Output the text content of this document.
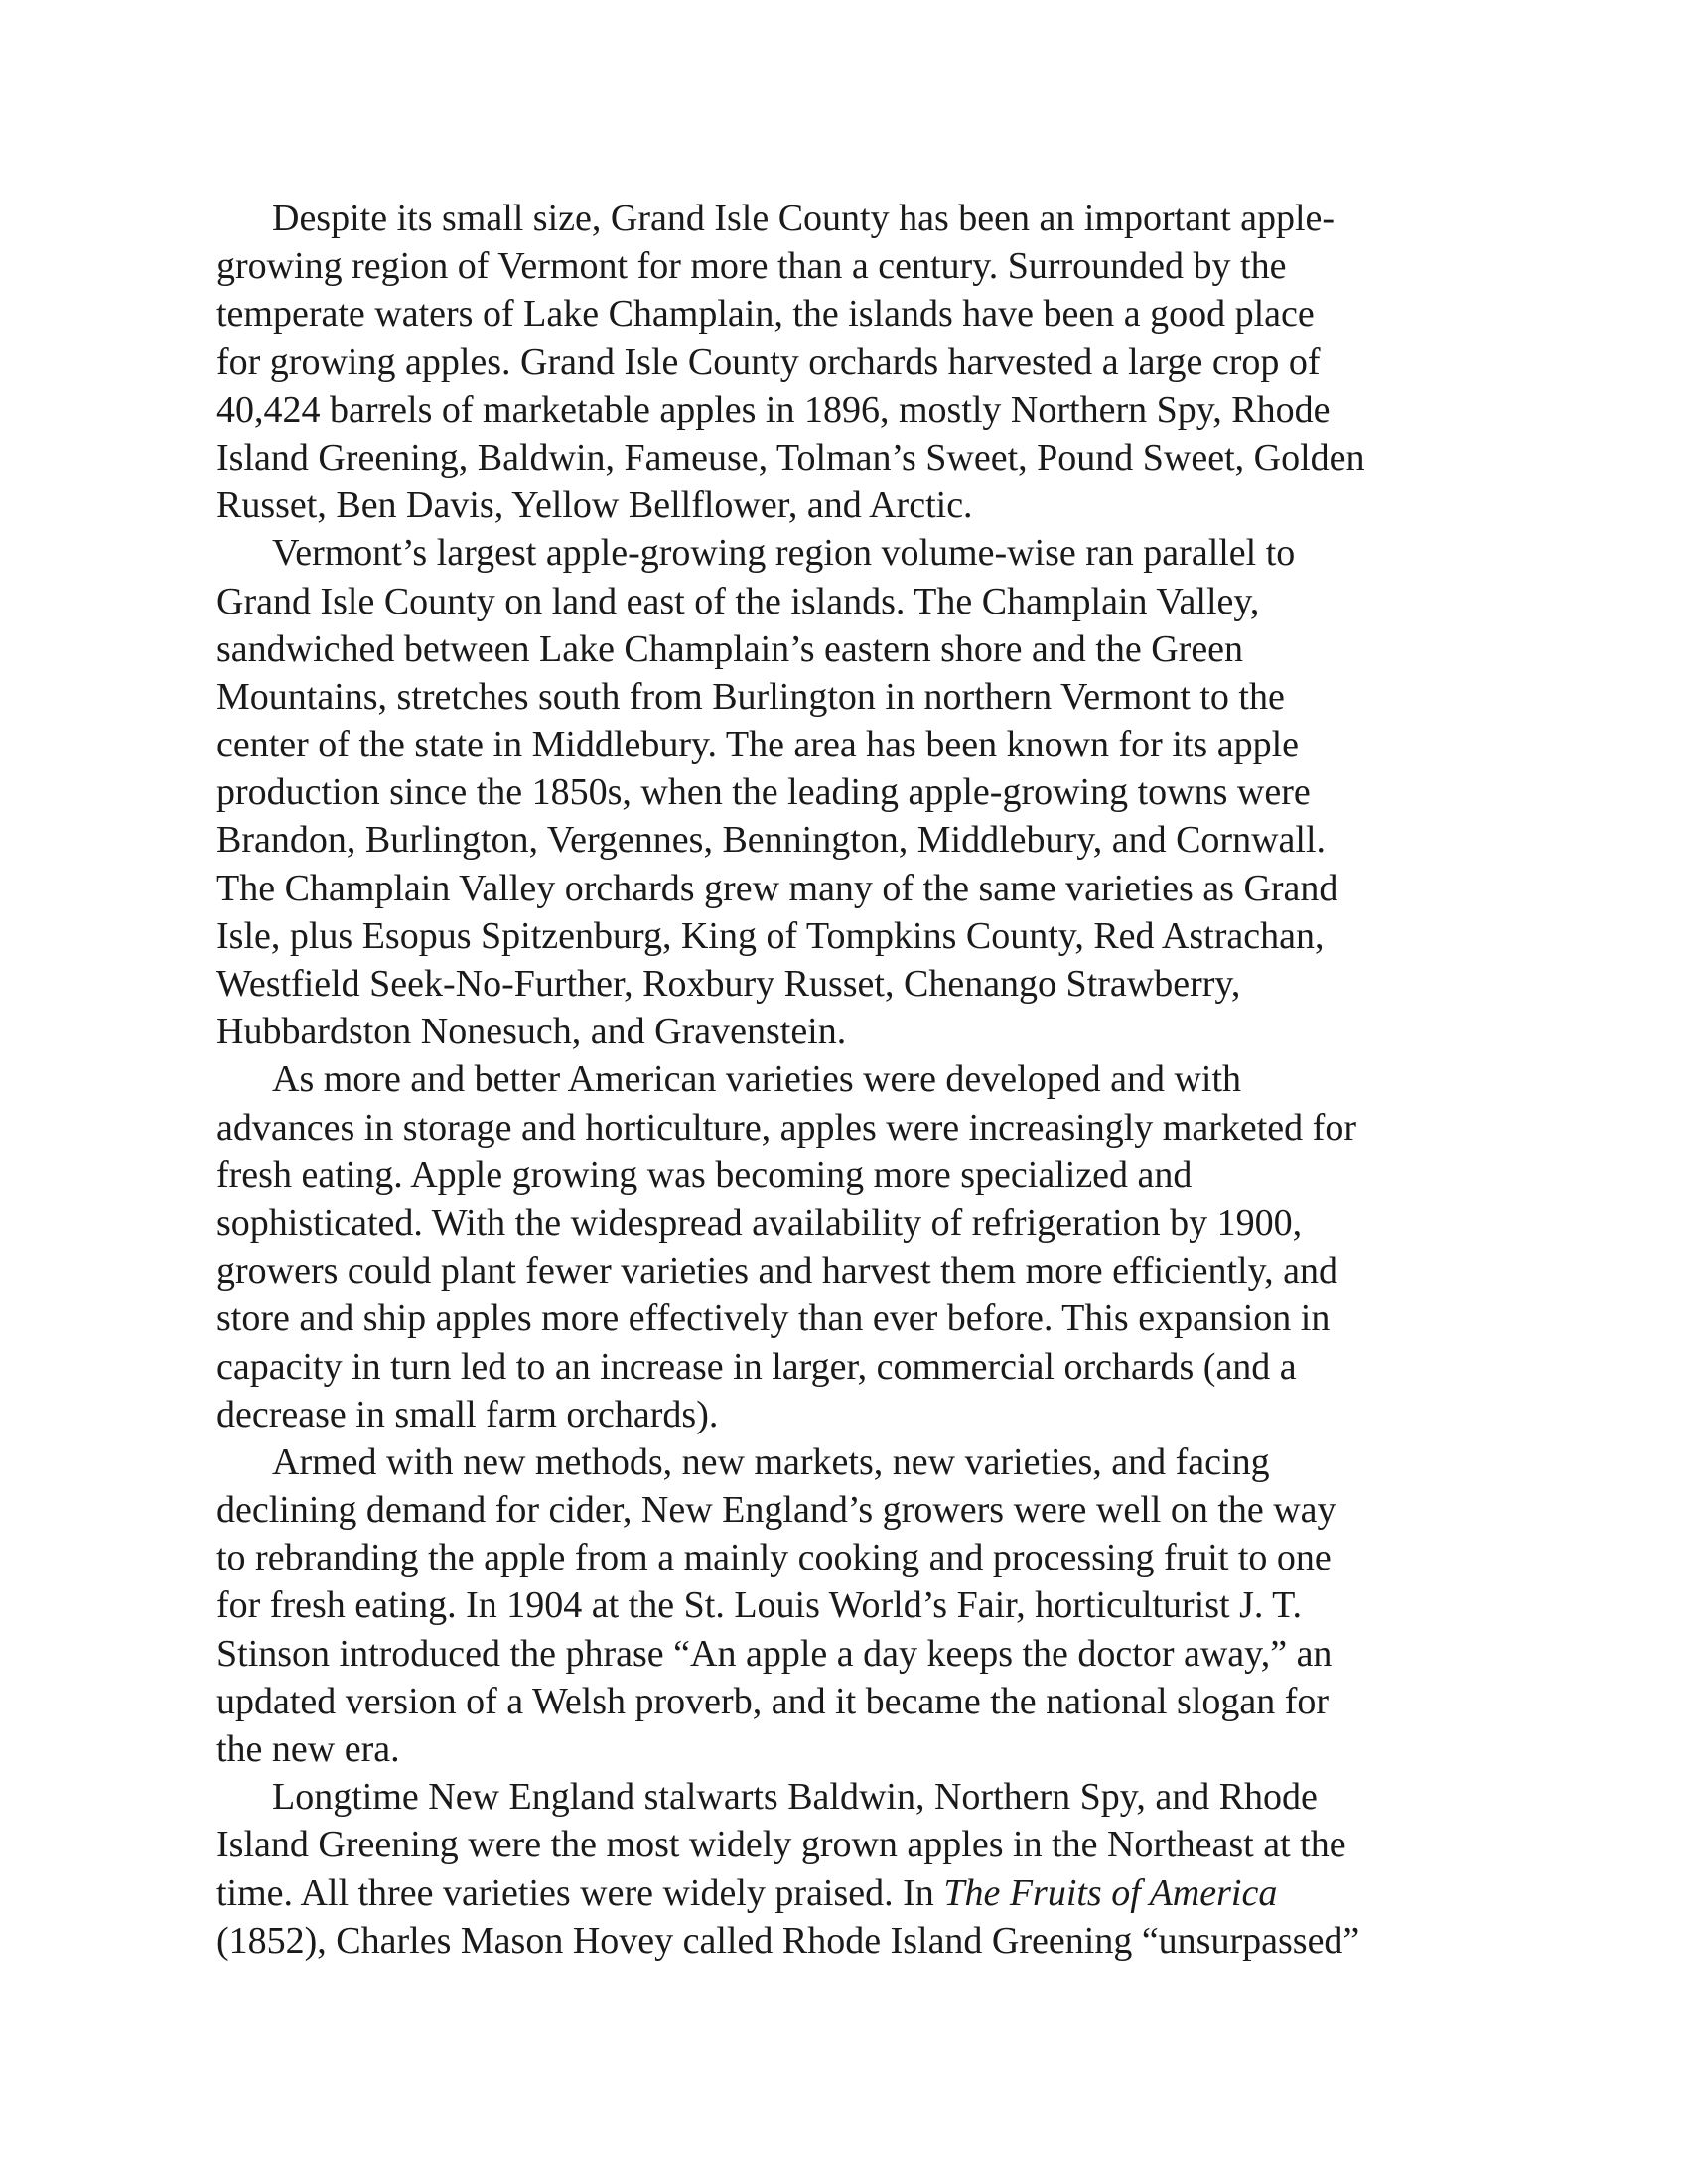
Despite its small size, Grand Isle County has been an important apple-
growing region of Vermont for more than a century. Surrounded by the
temperate waters of Lake Champlain, the islands have been a good place
for growing apples. Grand Isle County orchards harvested a large crop of
40,424 barrels of marketable apples in 1896, mostly Northern Spy, Rhode
Island Greening, Baldwin, Fameuse, Tolman’s Sweet, Pound Sweet, Golden
Russet, Ben Davis, Yellow Bellflower, and Arctic.

Vermont’s largest apple-growing region volume-wise ran parallel to
Grand Isle County on land east of the islands. The Champlain Valley,
sandwiched between Lake Champlain’s eastern shore and the Green
Mountains, stretches south from Burlington in northern Vermont to the
center of the state in Middlebury. The area has been known for its apple
production since the 1850s, when the leading apple-growing towns were
Brandon, Burlington, Vergennes, Bennington, Middlebury, and Cornwall.
The Champlain Valley orchards grew many of the same varieties as Grand
Isle, plus Esopus Spitzenburg, King of Tompkins County, Red Astrachan,
Westfield Seek-No-Further, Roxbury Russet, Chenango Strawberry,
Hubbardston Nonesuch, and Gravenstein.

As more and better American varieties were developed and with
advances in storage and horticulture, apples were increasingly marketed for
fresh eating. Apple growing was becoming more specialized and
sophisticated. With the widespread availability of refrigeration by 1900,
growers could plant fewer varieties and harvest them more efficiently, and
store and ship apples more effectively than ever before. This expansion in
capacity in turn led to an increase in larger, commercial orchards (and a
decrease in small farm orchards).

Armed with new methods, new markets, new varieties, and facing
declining demand for cider, New England’s growers were well on the way
to rebranding the apple from a mainly cooking and processing fruit to one
for fresh eating. In 1904 at the St. Louis World’s Fair, horticulturist J. T.
Stinson introduced the phrase “An apple a day keeps the doctor away,” an
updated version of a Welsh proverb, and it became the national slogan for
the new era.

Longtime New England stalwarts Baldwin, Northern Spy, and Rhode
Island Greening were the most widely grown apples in the Northeast at the
time. All three varieties were widely praised. In The Fruits of America
(1852), Charles Mason Hovey called Rhode Island Greening “unsurpassed”
